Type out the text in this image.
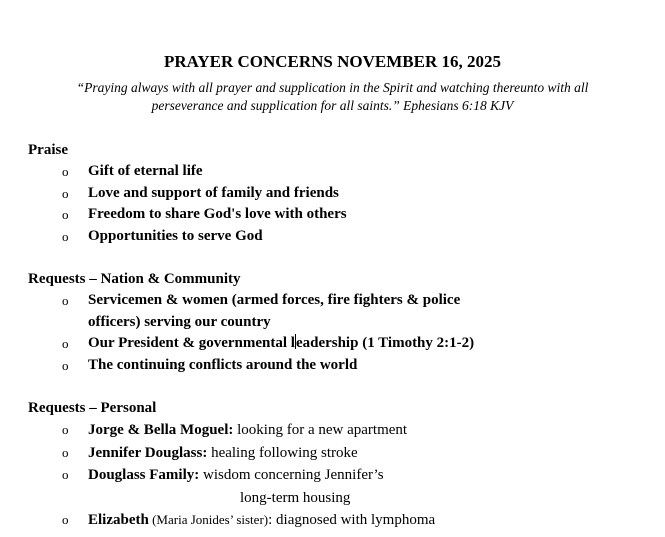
PRAYER CONCERNS NOVEMBER 16, 2025
“Praying always with all prayer and supplication in the Spirit and watching thereunto with all
perseverance and supplication for all saints.” Ephesians 6:18 KJV
Praise
o	Gift of eternal life
o	Love and support of family and friends
o	Freedom to share God's love with others
o	Opportunities to serve God
Requests – Nation & Community
o	Servicemen & women (armed forces, fire fighters & police
officers) serving our country
o	Our President & governmental leadership (1 Timothy 2:1-2)
o	The continuing conflicts around the world
Requests – Personal
o	Jorge & Bella Moguel: looking for a new apartment
o	Jennifer Douglass: healing following stroke
o	Douglass Family: wisdom concerning Jennifer’s
long-term housing
o	Elizabeth (Maria Jonides’ sister): diagnosed with lymphoma
